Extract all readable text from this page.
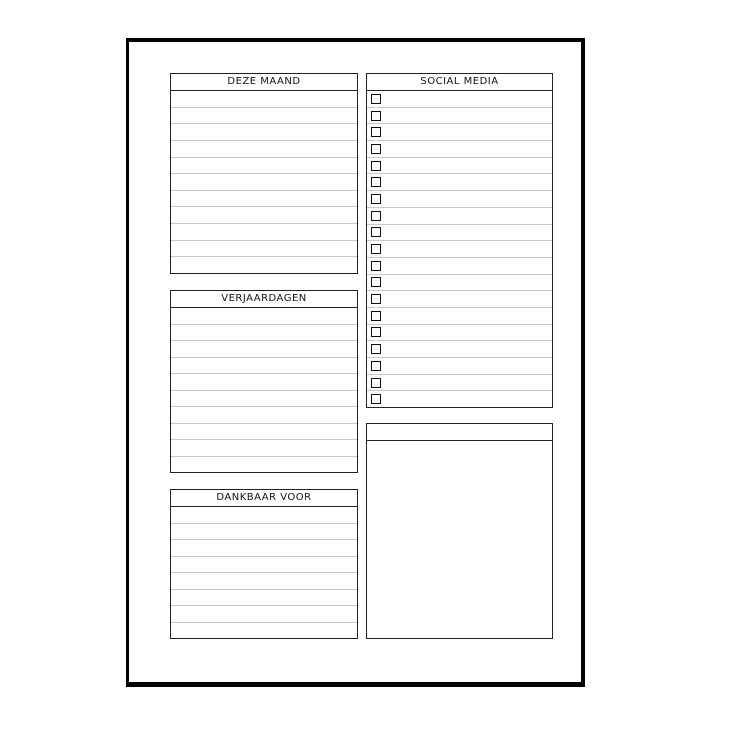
DEZE MAAND
VERJAARDAGEN
DANKBAAR VOOR
SOCIAL MEDIA
